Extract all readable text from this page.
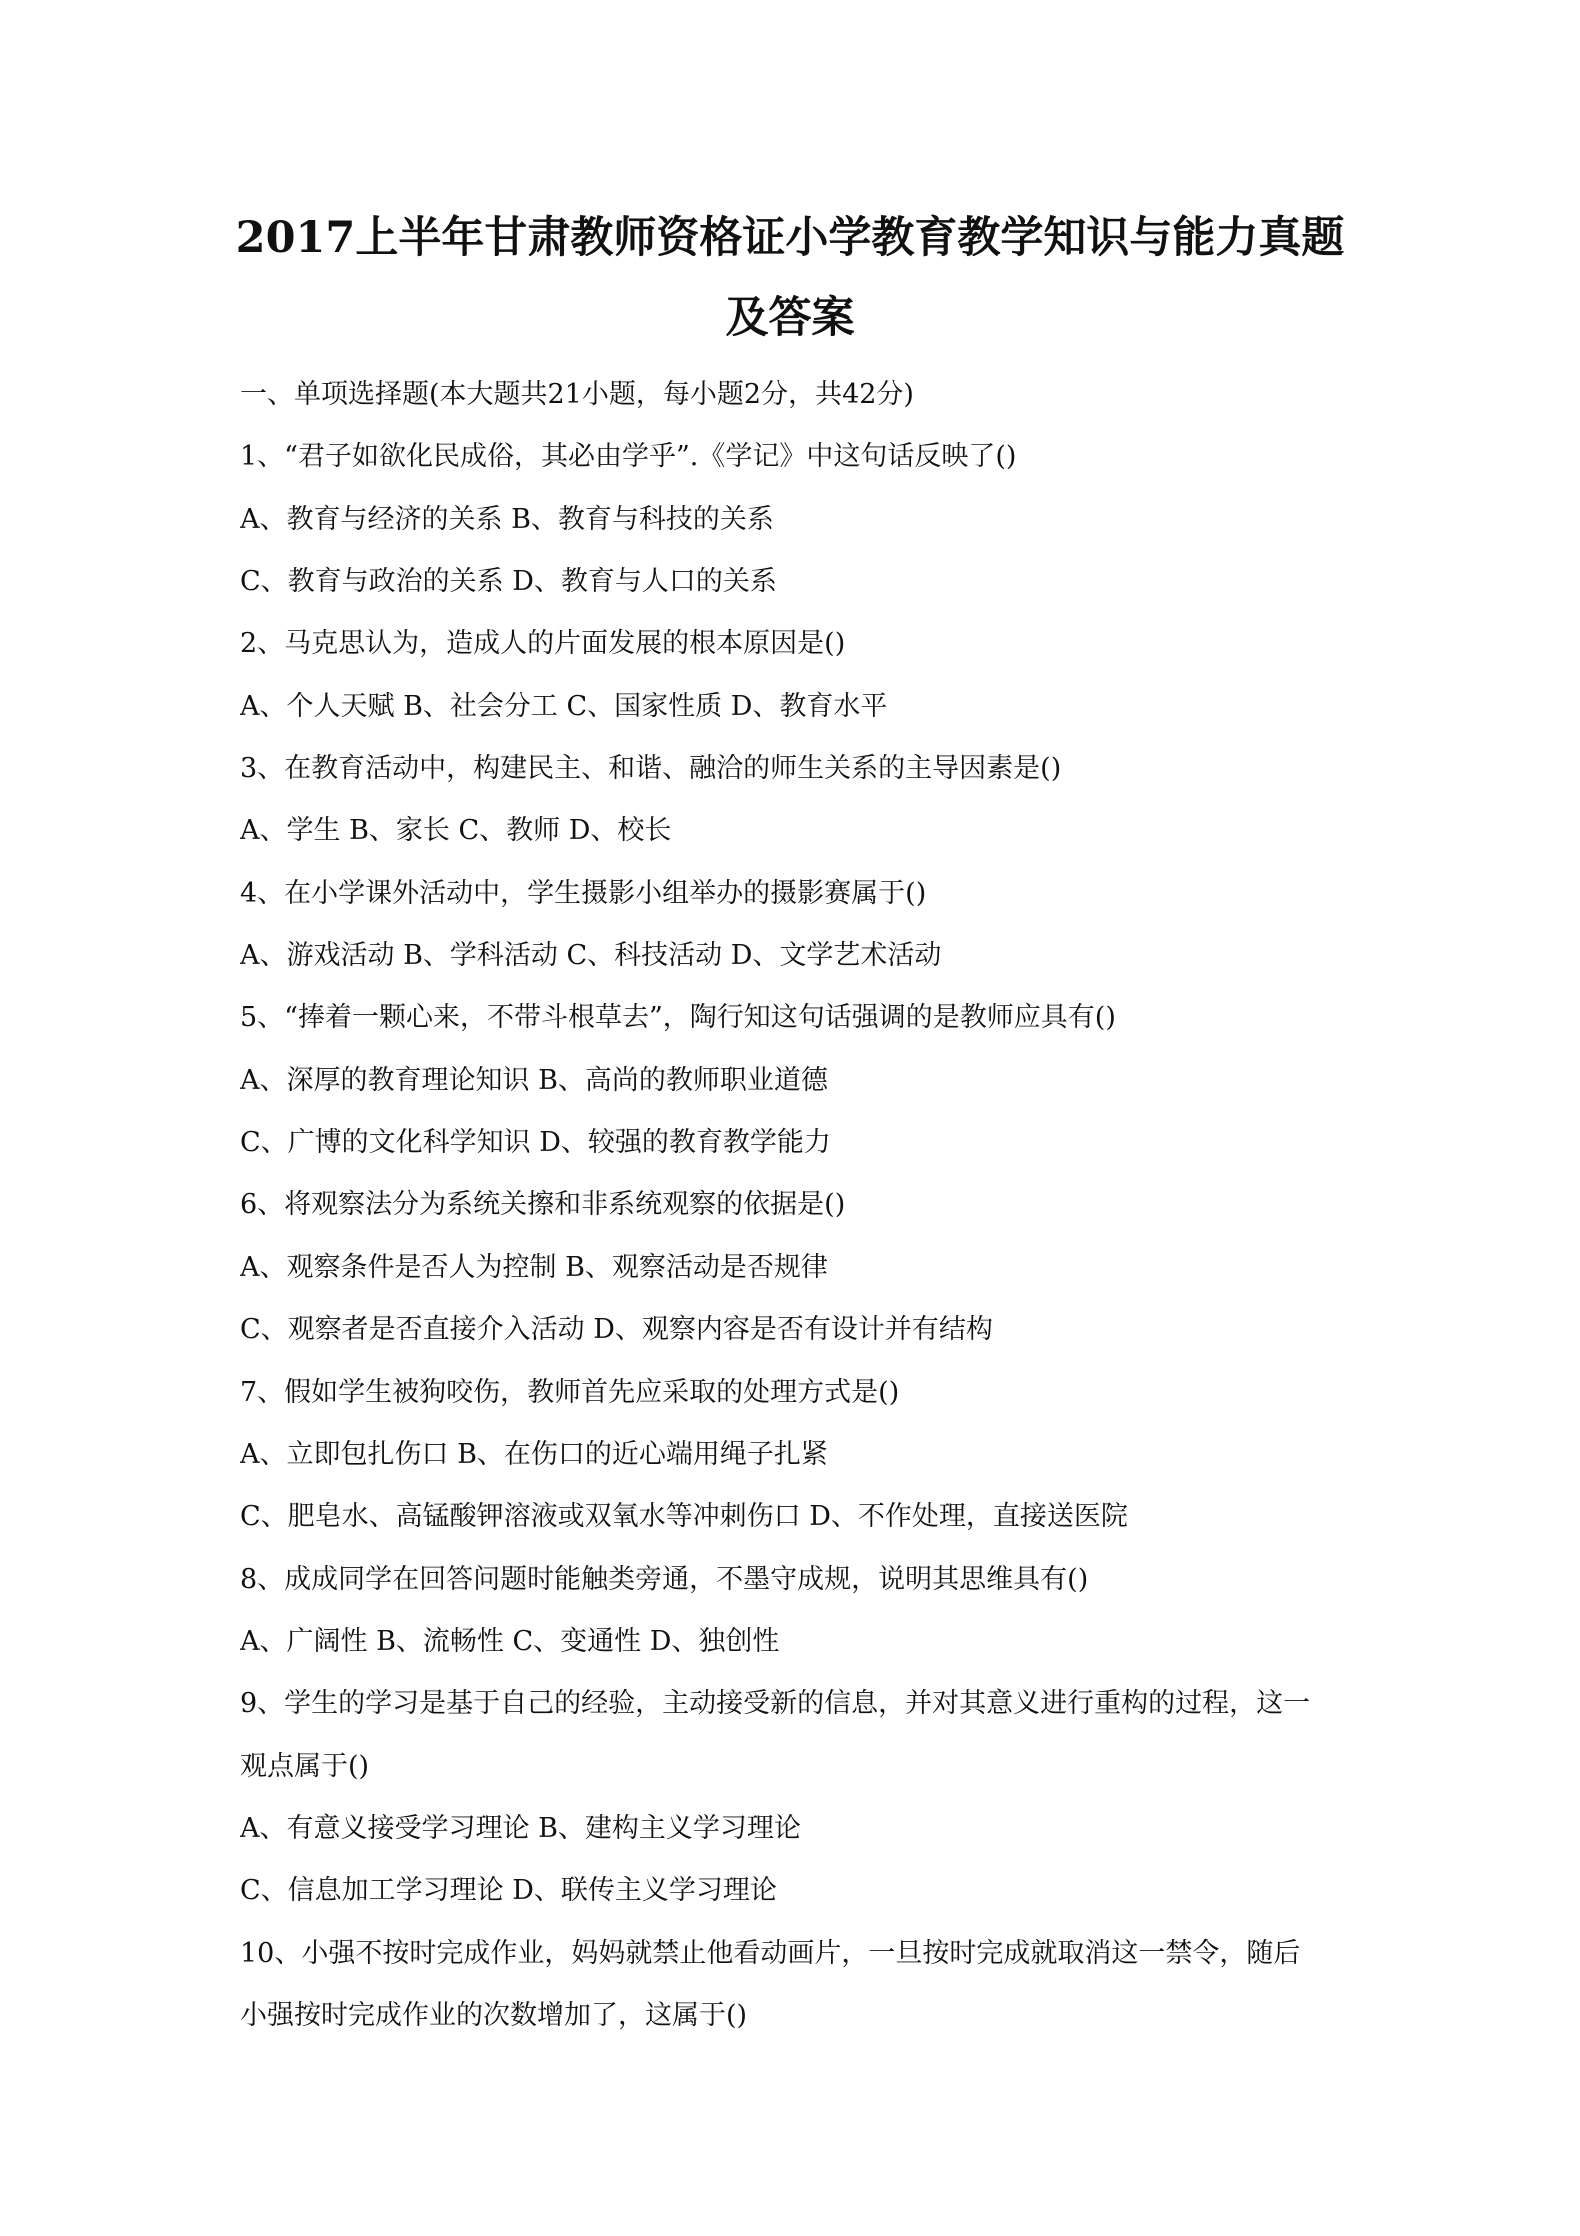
2017上半年甘肃教师资格证小学教育教学知识与能力真题
及答案
一、单项选择题(本大题共21小题，每小题2分，共42分)
1、“君子如欲化民成俗，其必由学乎”.《学记》中这句话反映了()
A、教育与经济的关系 B、教育与科技的关系
C、教育与政治的关系 D、教育与人口的关系
2、马克思认为，造成人的片面发展的根本原因是()
A、个人天赋 B、社会分工 C、国家性质 D、教育水平
3、在教育活动中，构建民主、和谐、融洽的师生关系的主导因素是()
A、学生 B、家长 C、教师 D、校长
4、在小学课外活动中，学生摄影小组举办的摄影赛属于()
A、游戏活动 B、学科活动 C、科技活动 D、文学艺术活动
5、“捧着一颗心来，不带斗根草去”，陶行知这句话强调的是教师应具有()
A、深厚的教育理论知识 B、高尚的教师职业道德
C、广博的文化科学知识 D、较强的教育教学能力
6、将观察法分为系统关擦和非系统观察的依据是()
A、观察条件是否人为控制 B、观察活动是否规律
C、观察者是否直接介入活动 D、观察内容是否有设计并有结构
7、假如学生被狗咬伤，教师首先应采取的处理方式是()
A、立即包扎伤口 B、在伤口的近心端用绳子扎紧
C、肥皂水、高锰酸钾溶液或双氧水等冲刺伤口 D、不作处理，直接送医院
8、成成同学在回答问题时能触类旁通，不墨守成规，说明其思维具有()
A、广阔性 B、流畅性 C、变通性 D、独创性
9、学生的学习是基于自己的经验，主动接受新的信息，并对其意义进行重构的过程，这一
观点属于()
A、有意义接受学习理论 B、建构主义学习理论
C、信息加工学习理论 D、联传主义学习理论
10、小强不按时完成作业，妈妈就禁止他看动画片，一旦按时完成就取消这一禁令，随后
小强按时完成作业的次数增加了，这属于()
